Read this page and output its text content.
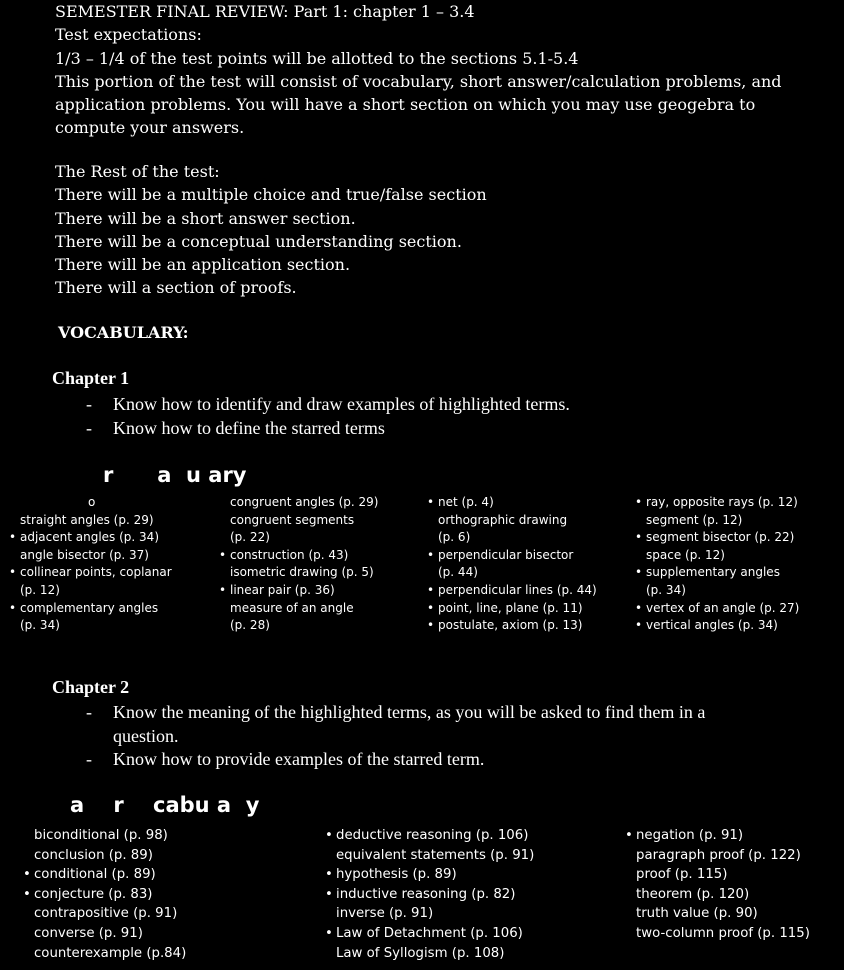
SEMESTER FINAL REVIEW: Part 1: chapter 1 – 3.4
Test expectations:
1/3 – 1/4 of the test points will be allotted to the sections 5.1-5.4
This portion of the test will consist of vocabulary, short answer/calculation problems, and
application problems. You will have a short section on which you may use geogebra to
compute your answers.
The Rest of the test:
There will be a multiple choice and true/false section
There will be a short answer section.
There will be a conceptual understanding section.
There will be an application section.
There will a section of proofs.
VOCABULARY:
Chapter 1
- Know how to identify and draw examples of highlighted terms.
- Know how to define the starred terms
r      a  u ary
o
straight angles (p. 29)
• adjacent angles (p. 34)
angle bisector (p. 37)
• collinear points, coplanar
(p. 12)
• complementary angles
(p. 34)
congruent angles (p. 29)
congruent segments
(p. 22)
• construction (p. 43)
isometric drawing (p. 5)
• linear pair (p. 36)
measure of an angle
(p. 28)
• net (p. 4)
orthographic drawing
(p. 6)
• perpendicular bisector
(p. 44)
• perpendicular lines (p. 44)
• point, line, plane (p. 11)
• postulate, axiom (p. 13)
• ray, opposite rays (p. 12)
segment (p. 12)
• segment bisector (p. 22)
space (p. 12)
• supplementary angles
(p. 34)
• vertex of an angle (p. 27)
• vertical angles (p. 34)
Chapter 2
- Know the meaning of the highlighted terms, as you will be asked to find them in a
question.
- Know how to provide examples of the starred term.
a    r    cabu a  y
biconditional (p. 98)
conclusion (p. 89)
• conditional (p. 89)
• conjecture (p. 83)
contrapositive (p. 91)
converse (p. 91)
counterexample (p.84)
• deductive reasoning (p. 106)
equivalent statements (p. 91)
• hypothesis (p. 89)
• inductive reasoning (p. 82)
inverse (p. 91)
• Law of Detachment (p. 106)
Law of Syllogism (p. 108)
• negation (p. 91)
paragraph proof (p. 122)
proof (p. 115)
theorem (p. 120)
truth value (p. 90)
two-column proof (p. 115)
